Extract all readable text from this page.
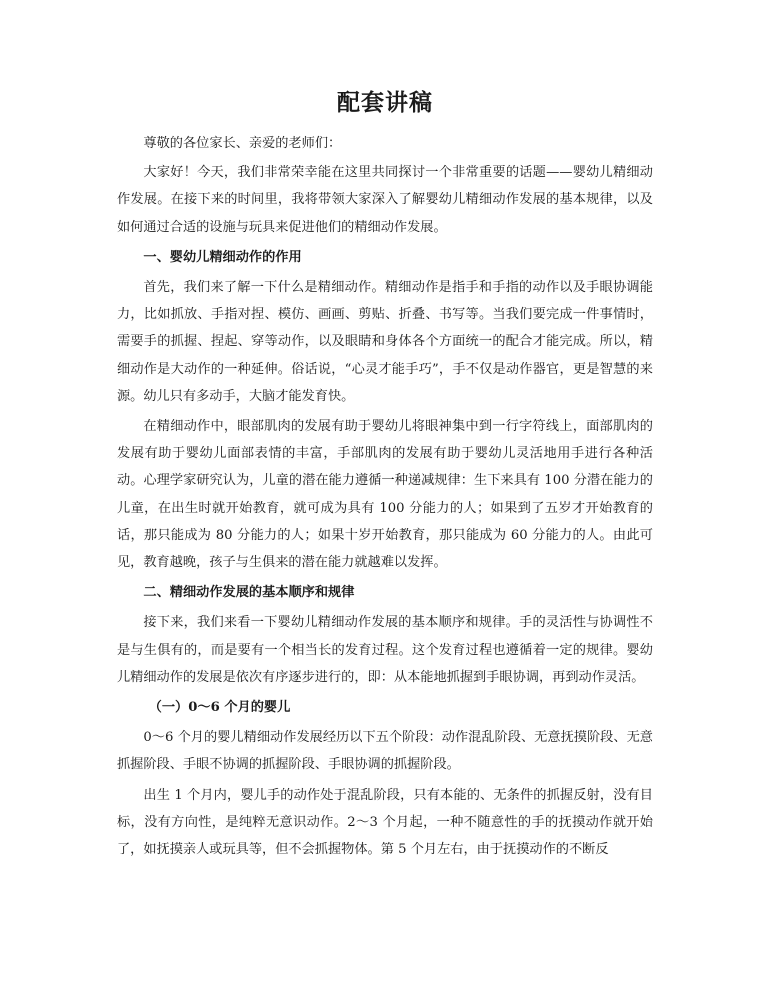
配套讲稿

尊敬的各位家长、亲爱的老师们：

大家好！今天，我们非常荣幸能在这里共同探讨一个非常重要的话题——婴幼儿精细动作发展。在接下来的时间里，我将带领大家深入了解婴幼儿精细动作发展的基本规律，以及如何通过合适的设施与玩具来促进他们的精细动作发展。

一、婴幼儿精细动作的作用

首先，我们来了解一下什么是精细动作。精细动作是指手和手指的动作以及手眼协调能力，比如抓放、手指对捏、模仿、画画、剪贴、折叠、书写等。当我们要完成一件事情时，需要手的抓握、捏起、穿等动作，以及眼睛和身体各个方面统一的配合才能完成。所以，精细动作是大动作的一种延伸。俗话说，“心灵才能手巧”，手不仅是动作器官，更是智慧的来源。幼儿只有多动手，大脑才能发育快。

在精细动作中，眼部肌肉的发展有助于婴幼儿将眼神集中到一行字符线上，面部肌肉的发展有助于婴幼儿面部表情的丰富，手部肌肉的发展有助于婴幼儿灵活地用手进行各种活动。心理学家研究认为，儿童的潜在能力遵循一种递减规律：生下来具有 100 分潜在能力的儿童，在出生时就开始教育，就可成为具有 100 分能力的人；如果到了五岁才开始教育的话，那只能成为 80 分能力的人；如果十岁开始教育，那只能成为 60 分能力的人。由此可见，教育越晚，孩子与生俱来的潜在能力就越难以发挥。

二、精细动作发展的基本顺序和规律

接下来，我们来看一下婴幼儿精细动作发展的基本顺序和规律。手的灵活性与协调性不是与生俱有的，而是要有一个相当长的发育过程。这个发育过程也遵循着一定的规律。婴幼儿精细动作的发展是依次有序逐步进行的，即：从本能地抓握到手眼协调，再到动作灵活。

（一）0～6 个月的婴儿

0～6 个月的婴儿精细动作发展经历以下五个阶段：动作混乱阶段、无意抚摸阶段、无意抓握阶段、手眼不协调的抓握阶段、手眼协调的抓握阶段。

出生 1 个月内，婴儿手的动作处于混乱阶段，只有本能的、无条件的抓握反射，没有目标，没有方向性，是纯粹无意识动作。2～3 个月起，一种不随意性的手的抚摸动作就开始了，如抚摸亲人或玩具等，但不会抓握物体。第 5 个月左右，由于抚摸动作的不断反
